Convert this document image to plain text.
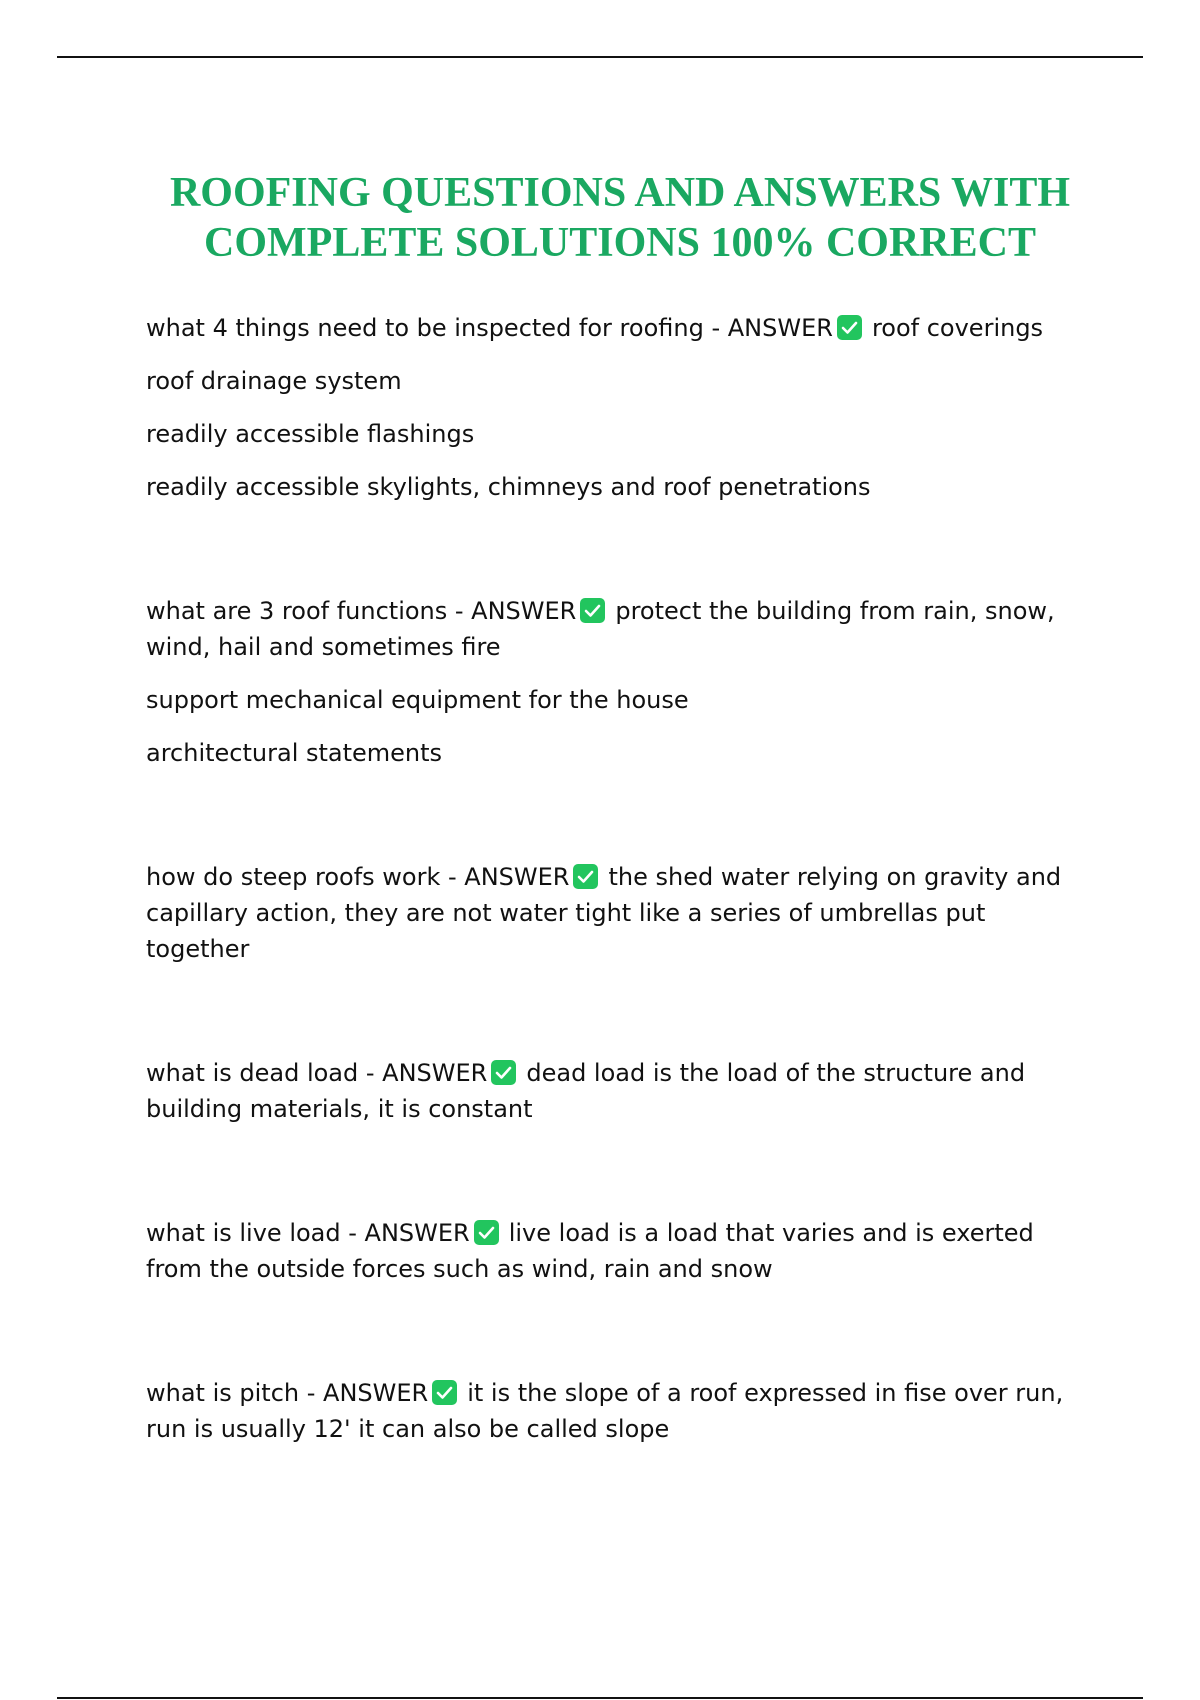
ROOFING QUESTIONS AND ANSWERS WITH
COMPLETE SOLUTIONS 100% CORRECT

what 4 things need to be inspected for roofing - ANSWER roof coverings

roof drainage system

readily accessible flashings

readily accessible skylights, chimneys and roof penetrations

what are 3 roof functions - ANSWER protect the building from rain, snow, wind, hail and sometimes fire

support mechanical equipment for the house

architectural statements

how do steep roofs work - ANSWER the shed water relying on gravity and capillary action, they are not water tight like a series of umbrellas put together

what is dead load - ANSWER dead load is the load of the structure and building materials, it is constant

what is live load - ANSWER live load is a load that varies and is exerted from the outside forces such as wind, rain and snow

what is pitch - ANSWER it is the slope of a roof expressed in fise over run, run is usually 12' it can also be called slope
